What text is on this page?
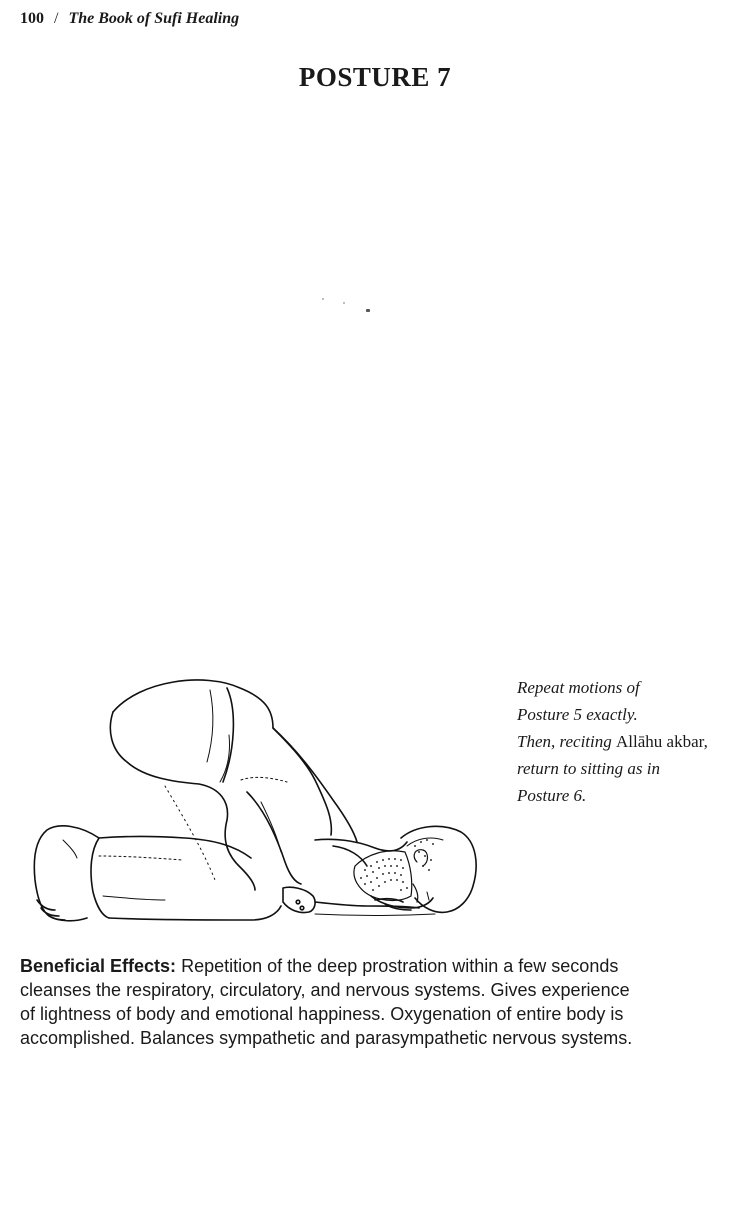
100 / The Book of Sufi Healing
POSTURE 7
Repeat motions of
Posture 5 exactly.
Then, reciting Allāhu akbar,
return to sitting as in
Posture 6.
Beneficial Effects: Repetition of the deep prostration within a few seconds
cleanses the respiratory, circulatory, and nervous systems. Gives experience
of lightness of body and emotional happiness. Oxygenation of entire body is
accomplished. Balances sympathetic and parasympathetic nervous systems.
